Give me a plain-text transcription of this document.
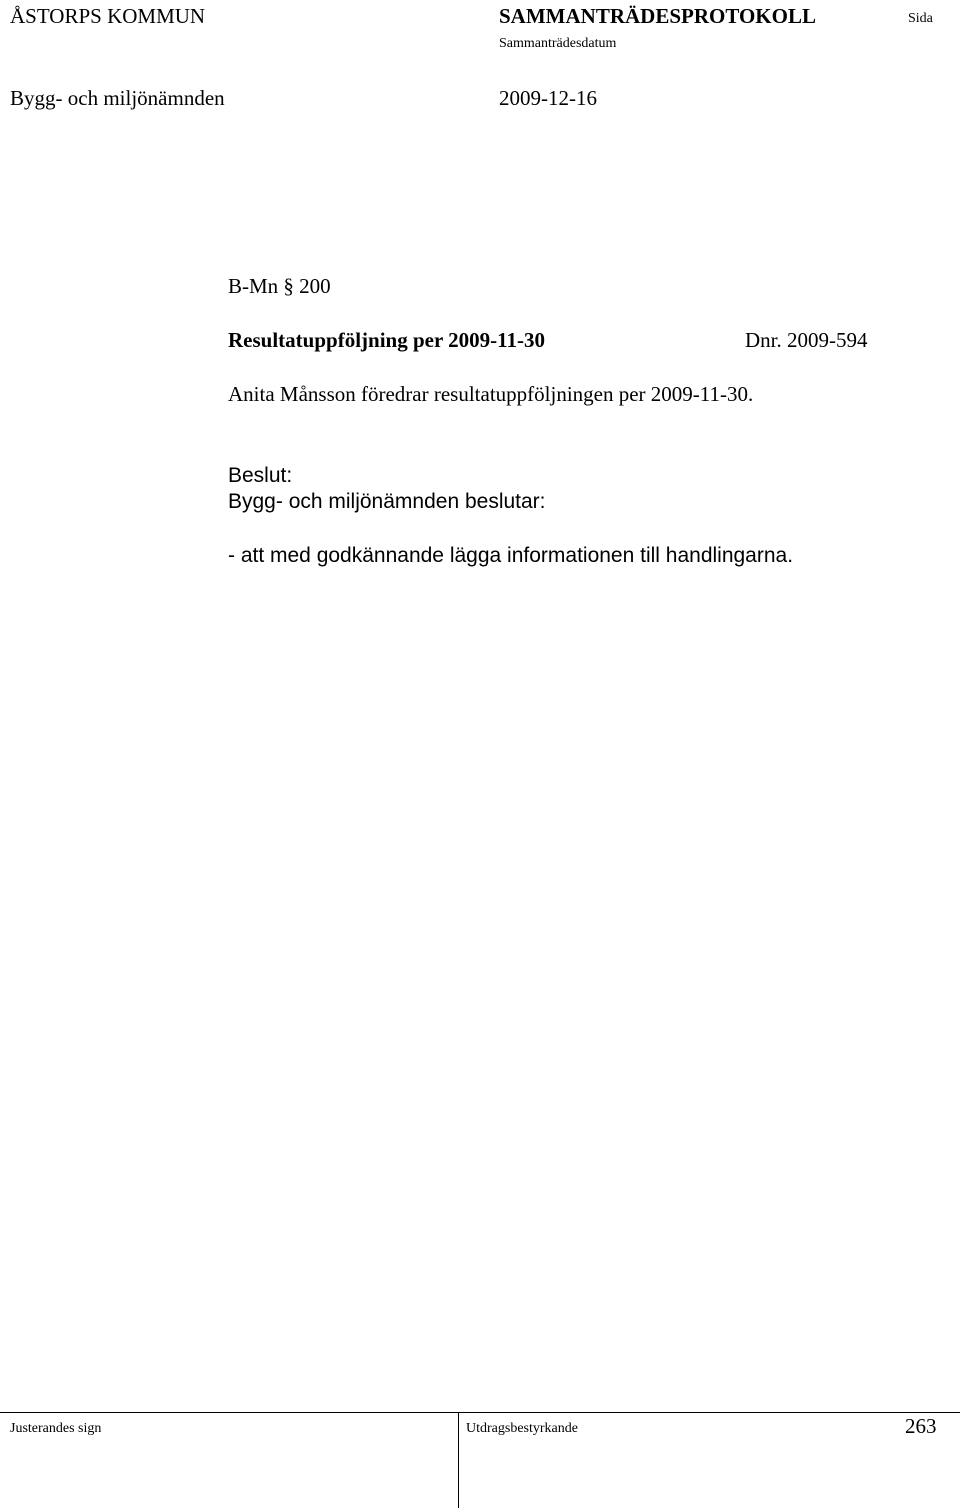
ÅSTORPS KOMMUN	SAMMANTRÄDESPROTOKOLL	Sida
Sammanträdesdatum
Bygg- och miljönämnden	2009-12-16
B-Mn § 200
Resultatuppföljning per 2009-11-30	Dnr. 2009-594
Anita Månsson föredrar resultatuppföljningen per 2009-11-30.
Beslut:
Bygg- och miljönämnden beslutar:
- att med godkännande lägga informationen till handlingarna.
Justerandes sign	Utdragsbestyrkande	263
